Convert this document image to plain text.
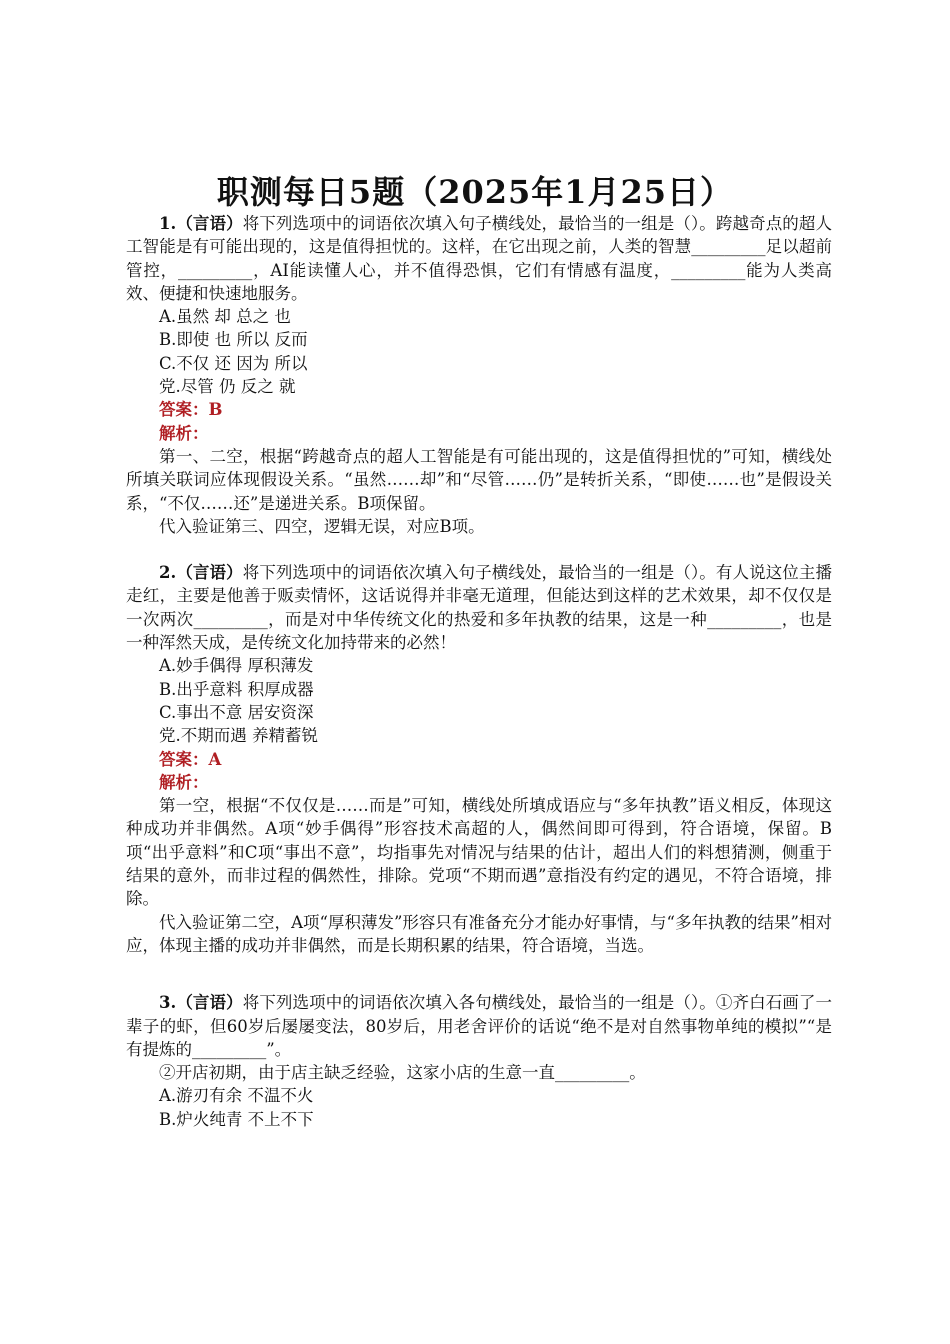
职测每日5题（2025年1月25日）

1.（言语）将下列选项中的词语依次填入句子横线处，最恰当的一组是（）。跨越奇点的超人工智能是有可能出现的，这是值得担忧的。这样，在它出现之前，人类的智慧_________足以超前管控，_________，AI能读懂人心，并不值得恐惧，它们有情感有温度，_________能为人类高效、便捷和快速地服务。

A.虽然 却 总之 也

B.即使 也 所以 反而

C.不仅 还 因为 所以

党.尽管 仍 反之 就

答案：B

解析：

第一、二空，根据“跨越奇点的超人工智能是有可能出现的，这是值得担忧的”可知，横线处所填关联词应体现假设关系。“虽然……却”和“尽管……仍”是转折关系，“即使……也”是假设关系，“不仅……还”是递进关系。B项保留。

代入验证第三、四空，逻辑无误，对应B项。

2.（言语）将下列选项中的词语依次填入句子横线处，最恰当的一组是（）。有人说这位主播走红，主要是他善于贩卖情怀，这话说得并非毫无道理，但能达到这样的艺术效果，却不仅仅是一次两次_________，而是对中华传统文化的热爱和多年执教的结果，这是一种_________，也是一种浑然天成，是传统文化加持带来的必然！

A.妙手偶得 厚积薄发

B.出乎意料 积厚成器

C.事出不意 居安资深

党.不期而遇 养精蓄锐

答案：A

解析：

第一空，根据“不仅仅是……而是”可知，横线处所填成语应与“多年执教”语义相反，体现这种成功并非偶然。A项“妙手偶得”形容技术高超的人，偶然间即可得到，符合语境，保留。B项“出乎意料”和C项“事出不意”，均指事先对情况与结果的估计，超出人们的料想猜测，侧重于结果的意外，而非过程的偶然性，排除。党项“不期而遇”意指没有约定的遇见，不符合语境，排除。

代入验证第二空，A项“厚积薄发”形容只有准备充分才能办好事情，与“多年执教的结果”相对应，体现主播的成功并非偶然，而是长期积累的结果，符合语境，当选。

3.（言语）将下列选项中的词语依次填入各句横线处，最恰当的一组是（）。①齐白石画了一辈子的虾，但60岁后屡屡变法，80岁后，用老舍评价的话说“绝不是对自然事物单纯的模拟”“是有提炼的_________”。

②开店初期，由于店主缺乏经验，这家小店的生意一直_________。

A.游刃有余 不温不火

B.炉火纯青 不上不下
